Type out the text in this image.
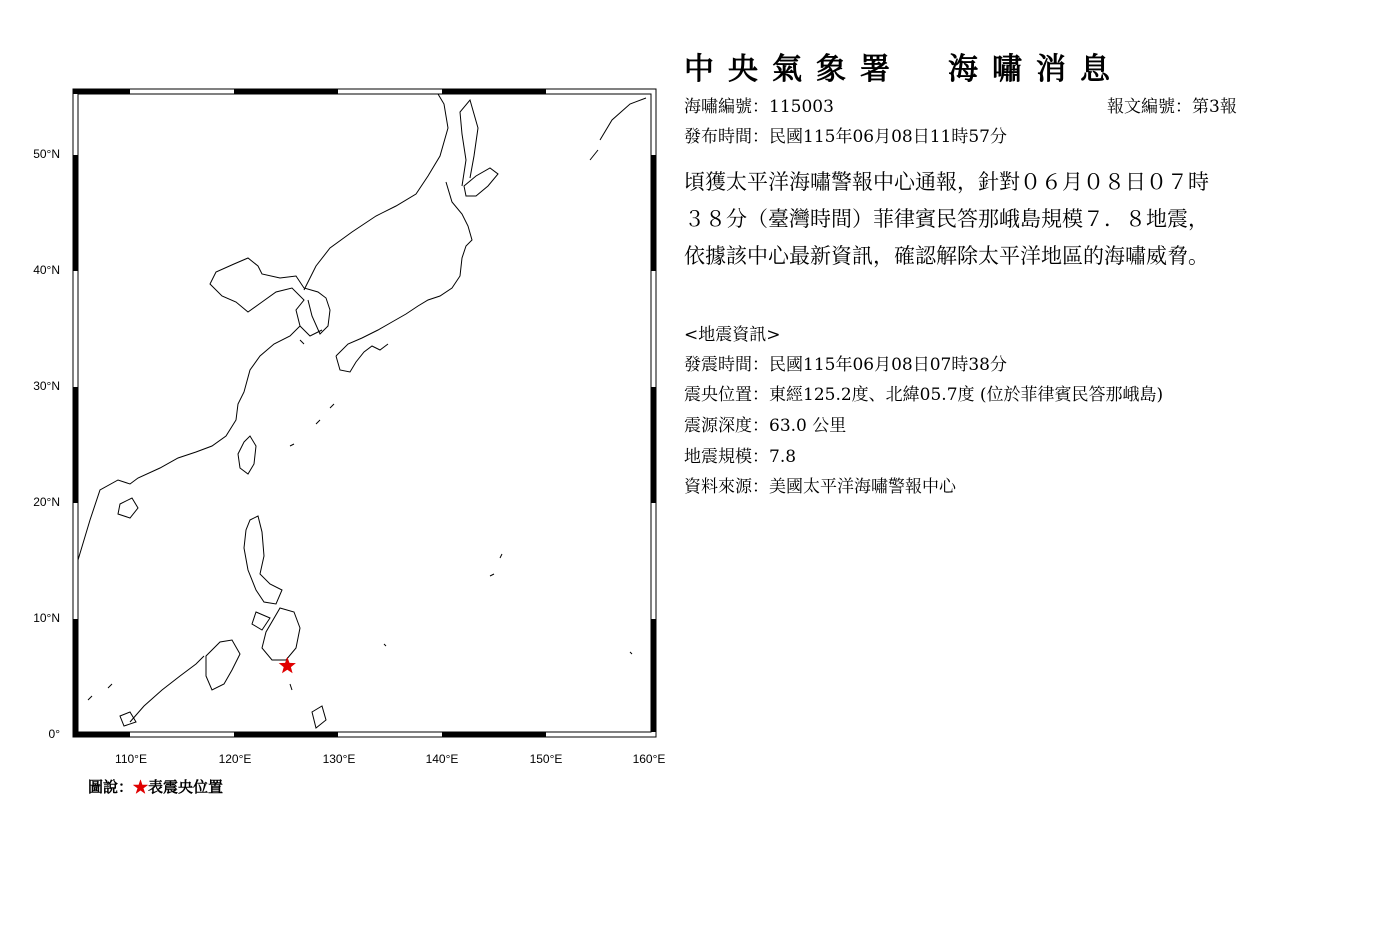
50°N
40°N
30°N
20°N
10°N
0°
110°E	120°E	130°E	140°E	150°E	160°E
圖說：★表震央位置
中央氣象署　海嘯消息
海嘯編號：115003	報文編號：第3報
發布時間：民國115年06月08日11時57分
頃獲太平洋海嘯警報中心通報，針對０６月０８日０７時
３８分（臺灣時間）菲律賓民答那峨島規模７．８地震，
依據該中心最新資訊，確認解除太平洋地區的海嘯威脅。
<地震資訊>
發震時間：民國115年06月08日07時38分
震央位置：東經125.2度、北緯05.7度 (位於菲律賓民答那峨島)
震源深度：63.0 公里
地震規模：7.8
資料來源：美國太平洋海嘯警報中心
